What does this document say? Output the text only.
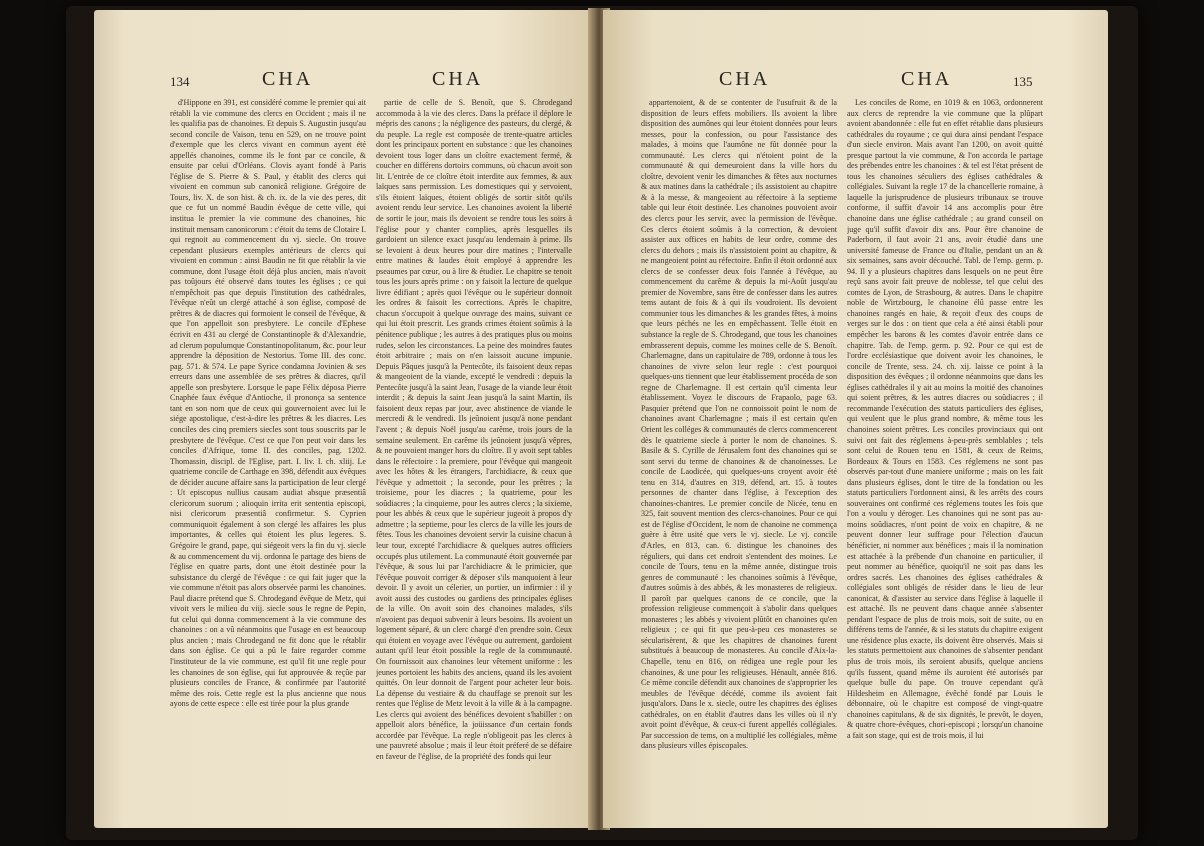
134	CHA	CHA

d'Hippone en 391, est considéré comme le premier qui ait rétabli la vie commune des clercs en Occident ; mais il ne les qualifia pas de chanoines. Et depuis S. Augustin jusqu'au second concile de Vaison, tenu en 529, on ne trouve point d'exemple que les clercs vivant en commun ayent été appellés chanoines, comme ils le font par ce concile, & ensuite par celui d'Orléans. Clovis ayant fondé à Paris l'église de S. Pierre & S. Paul, y établit des clercs qui vivoient en commun sub canonicâ religione. Grégoire de Tours, liv. X. de son hist. & ch. ix. de la vie des peres, dit que ce fut un nommé Baudin évêque de cette ville, qui institua le premier la vie commune des chanoines, hic instituit mensam canonicorum : c'étoit du tems de Clotaire I. qui regnoit au commencement du vj. siecle. On trouve cependant plusieurs exemples antérieurs de clercs qui vivoient en commun : ainsi Baudin ne fit que rétablir la vie commune, dont l'usage étoit déjà plus ancien, mais n'avoit pas toûjours été observé dans toutes les églises ; ce qui n'empêchoit pas que depuis l'institution des cathédrales, l'évêque n'eût un clergé attaché à son église, composé de prêtres & de diacres qui formoient le conseil de l'évêque, & que l'on appelloit son presbytere. Le concile d'Ephese écrivit en 431 au clergé de Constantinople & d'Alexandrie, ad clerum populumque Constantinopolitanum, &c. pour leur apprendre la déposition de Nestorius. Tome III. des conc. pag. 571. & 574. Le pape Syrice condamna Jovinien & ses erreurs dans une assemblée de ses prêtres & diacres, qu'il appelle son presbytere. Lorsque le pape Félix déposa Pierre Cnaphée faux évêque d'Antioche, il prononça sa sentence tant en son nom que de ceux qui gouvernoient avec lui le siége apostolique, c'est-à-dire les prêtres & les diacres. Les conciles des cinq premiers siecles sont tous souscrits par le presbytere de l'évêque. C'est ce que l'on peut voir dans les conciles d'Afrique, tome II. des conciles, pag. 1202. Thomassin, discipl. de l'Eglise, part. I. liv. I. ch. xliij. Le quatrieme concile de Carthage en 398, défendit aux évêques de décider aucune affaire sans la participation de leur clergé : Ut episcopus nullius causam audiat absque præsentiâ clericorum suorum ; alioquin irrita erit sententia episcopi, nisi clericorum præsentiâ confirmetur. S. Cyprien communiquoit également à son clergé les affaires les plus importantes, & celles qui étoient les plus legeres. S. Grégoire le grand, pape, qui siégeoit vers la fin du vj. siecle & au commencement du vij. ordonna le partage des biens de l'église en quatre parts, dont une étoit destinée pour la subsistance du clergé de l'évêque : ce qui fait juger que la vie commune n'étoit pas alors observée parmi les chanoines. Paul diacre prétend que S. Chrodegand évêque de Metz, qui vivoit vers le milieu du viij. siecle sous le regne de Pepin, fut celui qui donna commencement à la vie commune des chanoines : on a vû néanmoins que l'usage en est beaucoup plus ancien ; mais Chrodegand ne fit donc que le rétablir dans son église. Ce qui a pû le faire regarder comme l'instituteur de la vie commune, est qu'il fit une regle pour les chanoines de son église, qui fut approuvée & reçûe par plusieurs conciles de France, & confirmée par l'autorité même des rois. Cette regle est la plus ancienne que nous ayons de cette espece : elle est tirée pour la plus grande

partie de celle de S. Benoît, que S. Chrodegand accommoda à la vie des clercs. Dans la préface il déplore le mépris des canons ; la négligence des pasteurs, du clergé, & du peuple. La regle est composée de trente-quatre articles dont les principaux portent en substance : que les chanoines devoient tous loger dans un cloître exactement fermé, & coucher en différens dortoirs communs, où chacun avoit son lit. L'entrée de ce cloître étoit interdite aux femmes, & aux laïques sans permission. Les domestiques qui y servoient, s'ils étoient laïques, étoient obligés de sortir sitôt qu'ils avoient rendu leur service. Les chanoines avoient la liberté de sortir le jour, mais ils devoient se rendre tous les soirs à l'église pour y chanter complies, après lesquelles ils gardoient un silence exact jusqu'au lendemain à prime. Ils se levoient à deux heures pour dire matines ; l'intervalle entre matines & laudes étoit employé à apprendre les pseaumes par cœur, ou à lire & étudier. Le chapitre se tenoit tous les jours après prime : on y faisoit la lecture de quelque livre édifiant ; après quoi l'évêque ou le supérieur donnoit les ordres & faisoit les corrections. Après le chapitre, chacun s'occupoit à quelque ouvrage des mains, suivant ce qui lui étoit prescrit. Les grands crimes étoient soûmis à la pénitence publique ; les autres à des pratiques plus ou moins rudes, selon les circonstances. La peine des moindres fautes étoit arbitraire ; mais on n'en laissoit aucune impunie. Depuis Pâques jusqu'à la Pentecôte, ils faisoient deux repas & mangeoient de la viande, excepté le vendredi : depuis la Pentecôte jusqu'à la saint Jean, l'usage de la viande leur étoit interdit ; & depuis la saint Jean jusqu'à la saint Martin, ils faisoient deux repas par jour, avec abstinence de viande le mercredi & le vendredi. Ils jeûnoient jusqu'à none pendant l'avent ; & depuis Noël jusqu'au carême, trois jours de la semaine seulement. En carême ils jeûnoient jusqu'à vêpres, & ne pouvoient manger hors du cloître. Il y avoit sept tables dans le réfectoire : la premiere, pour l'évêque qui mangeoit avec les hôtes & les étrangers, l'archidiacre, & ceux que l'évêque y admettoit ; la seconde, pour les prêtres ; la troisieme, pour les diacres ; la quatrieme, pour les soûdiacres ; la cinquieme, pour les autres clercs ; la sixieme, pour les abbés & ceux que le supérieur jugeoit à propos d'y admettre ; la septieme, pour les clercs de la ville les jours de fêtes. Tous les chanoines devoient servir la cuisine chacun à leur tour, excepté l'archidiacre & quelques autres officiers occupés plus utilement. La communauté étoit gouvernée par l'évêque, & sous lui par l'archidiacre & le primicier, que l'évêque pouvoit corriger & déposer s'ils manquoient à leur devoir. Il y avoit un célerier, un portier, un infirmier : il y avoit aussi des custodes ou gardiens des principales églises de la ville. On avoit soin des chanoines malades, s'ils n'avoient pas dequoi subvenir à leurs besoins. Ils avoient un logement séparé, & un clerc chargé d'en prendre soin. Ceux qui étoient en voyage avec l'évêque ou autrement, gardoient autant qu'il leur étoit possible la regle de la communauté. On fournissoit aux chanoines leur vêtement uniforme : les jeunes portoient les habits des anciens, quand ils les avoient quittés. On leur donnoit de l'argent pour acheter leur bois. La dépense du vestiaire & du chauffage se prenoit sur les rentes que l'église de Metz levoit à la ville & à la campagne. Les clercs qui avoient des bénéfices devoient s'habiller : on appelloit alors bénéfice, la joüissance d'un certain fonds accordée par l'évêque. La regle n'obligeoit pas les clercs à une pauvreté absolue ; mais il leur étoit préferé de se défaire en faveur de l'église, de la propriété des fonds qui leur

CHA	CHA	135

appartenoient, & de se contenter de l'usufruit & de la disposition de leurs effets mobiliers. Ils avoient la libre disposition des aumônes qui leur étoient données pour leurs messes, pour la confession, ou pour l'assistance des malades, à moins que l'aumône ne fût donnée pour la communauté. Les clercs qui n'étoient point de la communauté & qui demeuroient dans la ville hors du cloître, devoient venir les dimanches & fêtes aux nocturnes & aux matines dans la cathédrale ; ils assistoient au chapitre & à la messe, & mangeoient au réfectoire à la septieme table qui leur étoit destinée. Les chanoines pouvoient avoir des clercs pour les servir, avec la permission de l'évêque. Ces clercs étoient soûmis à la correction, & devoient assister aux offices en habits de leur ordre, comme des clercs du dehors ; mais ils n'assistoient point au chapitre, & ne mangeoient point au réfectoire. Enfin il étoit ordonné aux clercs de se confesser deux fois l'année à l'évêque, au commencement du carême & depuis la mi-Août jusqu'au premier de Novembre, sans être de confesser dans les autres tems autant de fois & à qui ils voudroient. Ils devoient communier tous les dimanches & les grandes fêtes, à moins que leurs péchés ne les en empêchassent. Telle étoit en substance la regle de S. Chrodegand, que tous les chanoines embrasserent depuis, comme les moines celle de S. Benoît. Charlemagne, dans un capitulaire de 789, ordonne à tous les chanoines de vivre selon leur regle : c'est pourquoi quelques-uns tiennent que leur établissement procéda de son regne de Charlemagne. Il est certain qu'il cimenta leur établissement. Voyez le discours de Frapaolo, page 63. Pasquier prétend que l'on ne connoissoit point le nom de chanoines avant Charlemagne ; mais il est certain qu'en Orient les colléges & communautés de clercs commencerent dès le quatrieme siecle à porter le nom de chanoines. S. Basile & S. Cyrille de Jérusalem font des chanoines qui se sont servi du terme de chanoines & de chanoinesses. Le concile de Laodicée, qui quelques-uns croyent avoir été tenu en 314, d'autres en 319, défend, art. 15. à toutes personnes de chanter dans l'église, à l'exception des chanoines-chantres. Le premier concile de Nicée, tenu en 325, fait souvent mention des clercs-chanoines. Pour ce qui est de l'église d'Occident, le nom de chanoine ne commença guère à être usité que vers le vj. siecle. Le vj. concile d'Arles, en 813, can. 6. distingue les chanoines des réguliers, qui dans cet endroit s'entendent des moines. Le concile de Tours, tenu en la même année, distingue trois genres de communauté : les chanoines soûmis à l'évêque, d'autres soûmis à des abbés, & les monasteres de religieux. Il paroît par quelques canons de ce concile, que la profession religieuse commençoit à s'abolir dans quelques monasteres ; les abbés y vivoient plûtôt en chanoines qu'en religieux ; ce qui fit que peu-à-peu ces monasteres se sécularisèrent, & que les chapitres de chanoines furent substitués à beaucoup de monasteres. Au concile d'Aix-la-Chapelle, tenu en 816, on rédigea une regle pour les chanoines, & une pour les religieuses. Hénault, année 816. Ce même concile défendit aux chanoines de s'approprier les meubles de l'évêque décédé, comme ils avoient fait jusqu'alors. Dans le x. siecle, outre les chapitres des églises cathédrales, on en établit d'autres dans les villes où il n'y avoit point d'évêque, & ceux-ci furent appellés collégiales. Par succession de tems, on a multiplié les collégiales, même dans plusieurs villes épiscopales.

Les conciles de Rome, en 1019 & en 1063, ordonnerent aux clercs de reprendre la vie commune que la plûpart avoient abandonnée : elle fut en effet rétablie dans plusieurs cathédrales du royaume ; ce qui dura ainsi pendant l'espace d'un siecle environ. Mais avant l'an 1200, on avoit quitté presque partout la vie commune, & l'on accorda le partage des prébendes entre les chanoines : & tel est l'état présent de tous les chanoines séculiers des églises cathédrales & collégiales. Suivant la regle 17 de la chancellerie romaine, à laquelle la jurisprudence de plusieurs tribunaux se trouve conforme, il suffit d'avoir 14 ans accomplis pour être chanoine dans une église cathédrale ; au grand conseil on juge qu'il suffit d'avoir dix ans. Pour être chanoine de Paderborn, il faut avoir 21 ans, avoir étudié dans une université fameuse de France ou d'Italie, pendant un an & six semaines, sans avoir découché. Tabl. de l'emp. germ. p. 94. Il y a plusieurs chapitres dans lesquels on ne peut être reçû sans avoir fait preuve de noblesse, tel que celui des comtes de Lyon, de Strasbourg, & autres. Dans le chapitre noble de Wirtzbourg, le chanoine élû passe entre les chanoines rangés en haie, & reçoit d'eux des coups de verges sur le dos : on tient que cela a été ainsi établi pour empêcher les barons & les comtes d'avoir entrée dans ce chapitre. Tab. de l'emp. germ. p. 92. Pour ce qui est de l'ordre ecclésiastique que doivent avoir les chanoines, le concile de Trente, sess. 24. ch. xij. laisse ce point à la disposition des évêques ; il ordonne néanmoins que dans les églises cathédrales il y ait au moins la moitié des chanoines qui soient prêtres, & les autres diacres ou soûdiacres ; il recommande l'exécution des statuts particuliers des églises, qui veulent que le plus grand nombre, & même tous les chanoines soient prêtres. Les conciles provinciaux qui ont suivi ont fait des réglemens à-peu-près semblables ; tels sont celui de Rouen tenu en 1581, & ceux de Reims, Bordeaux & Tours en 1583. Ces réglemens ne sont pas observés par-tout d'une maniere uniforme ; mais on les fait dans plusieurs églises, dont le titre de la fondation ou les statuts particuliers l'ordonnent ainsi, & les arrêts des cours souveraines ont confirmé ces réglemens toutes les fois que l'on a voulu y déroger. Les chanoines qui ne sont pas au-moins soûdiacres, n'ont point de voix en chapitre, & ne peuvent donner leur suffrage pour l'élection d'aucun bénéficier, ni nommer aux bénéfices ; mais il la nomination est attachée à la prébende d'un chanoine en particulier, il peut nommer au bénéfice, quoiqu'il ne soit pas dans les ordres sacrés. Les chanoines des églises cathédrales & collégiales sont obligés de résider dans le lieu de leur canonicat, & d'assister au service dans l'église à laquelle il est attaché. Ils ne peuvent dans chaque année s'absenter pendant l'espace de plus de trois mois, soit de suite, ou en différens tems de l'année, & si les statuts du chapitre exigent une résidence plus exacte, ils doivent être observés. Mais si les statuts permettoient aux chanoines de s'absenter pendant plus de trois mois, ils seroient abusifs, quelque anciens qu'ils fussent, quand même ils auroient été autorisés par quelque bulle du pape. On trouve cependant qu'à Hildesheim en Allemagne, évêché fondé par Louis le débonnaire, où le chapitre est composé de vingt-quatre chanoines capitulans, & de six dignités, le prevôt, le doyen, & quatre chore-évêques, chori-episcopi ; lorsqu'un chanoine a fait son stage, qui est de trois mois, il lui
